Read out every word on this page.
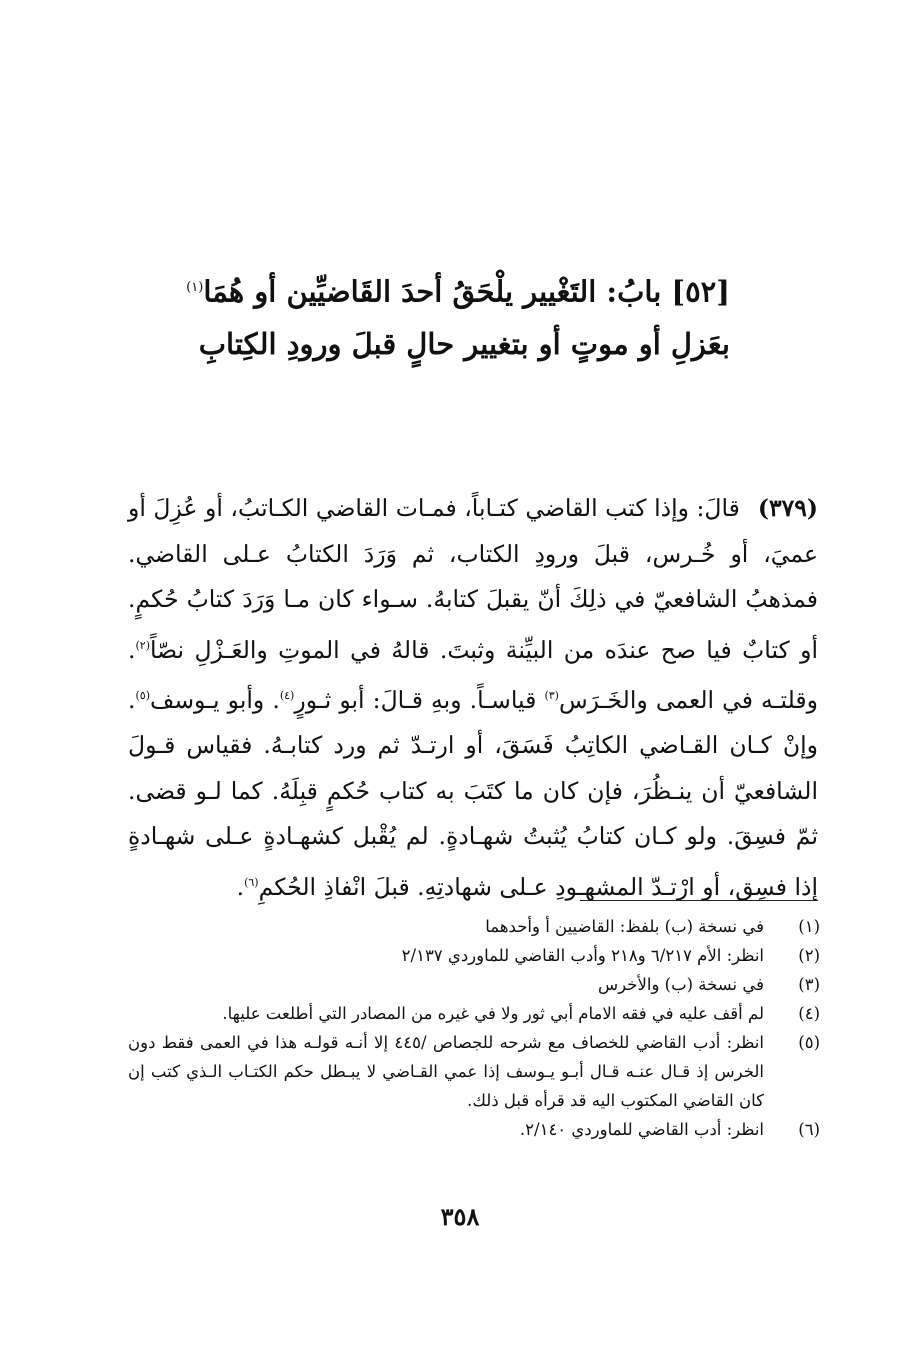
[٥٢] بابُ: التَغْيير يلْحَقُ أحدَ القَاضيِّين أو هُمَا$^{(١)}$
بعَزلِ أو موتٍ أو بتغيير حالٍ قبلَ ورودِ الكِتابِ
(٣٧٩)قالَ: وإذا كتب القاضي كتـاباً، فمـات القاضي الكـاتبُ، أو عُزِلَ أو عميَ، أو خُـرس، قبلَ ورودِ الكتاب، ثم وَرَدَ الكتابُ عـلى القاضي. فمذهبُ الشافعيّ في ذلِكَ أنّ يقبلَ كتابهُ. سـواء كان مـا وَرَدَ كتابُ حُكمٍ. أو كتابٌ فيا صح عندَه من البيِّنة وثبتَ. قالهُ في الموتِ والعَـزْلِ نصّاً$^{(٢)}$. وقلتـه في العمى والخَـرَس$^{(٣)}$ قياسـاً. وبهِ قـالَ: أبو ثـورٍ$^{(٤)}$. وأبو يـوسف$^{(٥)}$. وإنْ كـان القـاضي الكاتِبُ فَسَقَ، أو ارتـدّ ثم ورد كتابـهُ. فقياس قـولَ الشافعيّ أن ينـظُرَ، فإن كان ما كتَبَ به كتاب حُكمٍ قبِلَهُ. كما لـو قضى. ثمّ فسِقَ. ولو كـان كتابُ يُثبتُ شهـادةٍ. لم يُقْبل كشهـادةٍ عـلى شهـادةٍ إذا فسِق، أو ارْتـدّ المشهـودِ عـلى شهادتِهِ. قبلَ انْفاذِ الحُكمِ$^{(٦)}$.
(١)
في نسخة (ب) بلفظ: القاضيين أ وأحدهما
(٢)
انظر: الأم ٦/٢١٧ و٢١٨ وأدب القاضي للماوردي ٢/١٣٧
(٣)
في نسخة (ب) والأخرس
(٤)
لم أقف عليه في فقه الامام أبي ثور ولا في غيره من المصادر التي أطلعت عليها.
(٥)
انظر: أدب القاضي للخصاف مع شرحه للجصاص /٤٤٥ إلا أنـه قولـه هذا في العمى فقط دون الخرس إذ قـال عنـه قـال أبـو يـوسف إذا عمي القـاضي لا يبـطل حكم الكتـاب الـذي كتب إن كان القاضي المكتوب اليه قد قرأه قبل ذلك.
(٦)
انظر: أدب القاضي للماوردي ٢/١٤٠.
٣٥٨
